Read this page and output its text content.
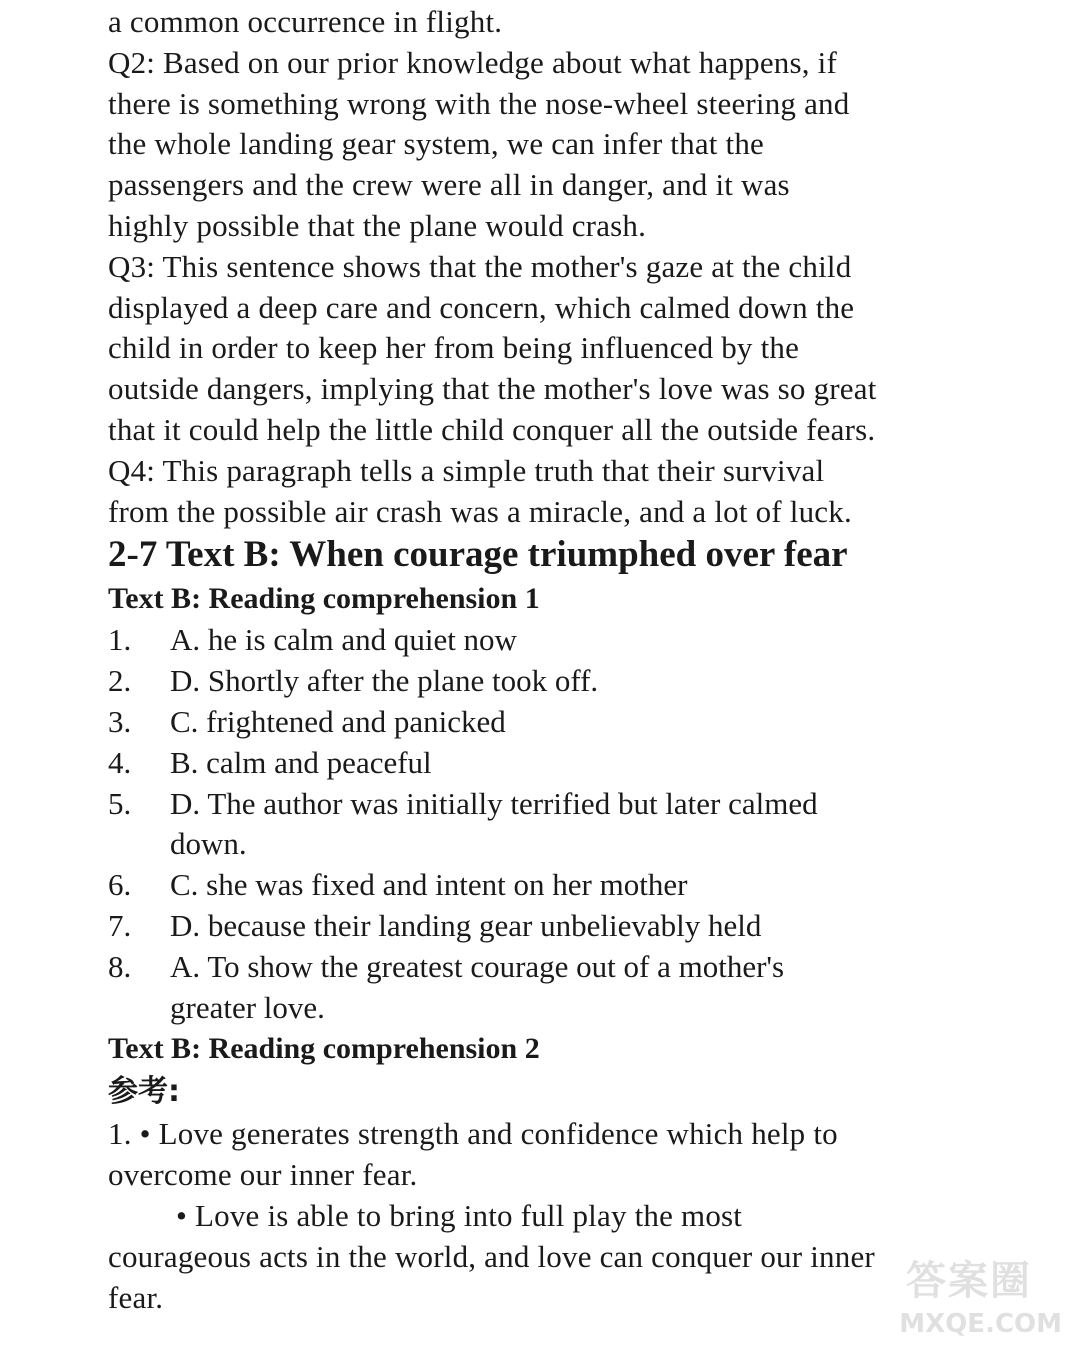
a common occurrence in flight.
Q2: Based on our prior knowledge about what happens, if
there is something wrong with the nose-wheel steering and
the whole landing gear system, we can infer that the
passengers and the crew were all in danger, and it was
highly possible that the plane would crash.
Q3: This sentence shows that the mother's gaze at the child
displayed a deep care and concern, which calmed down the
child in order to keep her from being influenced by the
outside dangers, implying that the mother's love was so great
that it could help the little child conquer all the outside fears.
Q4: This paragraph tells a simple truth that their survival
from the possible air crash was a miracle, and a lot of luck.
2-7 Text B: When courage triumphed over fear
Text B: Reading comprehension 1
1. A. he is calm and quiet now
2. D. Shortly after the plane took off.
3. C. frightened and panicked
4. B. calm and peaceful
5. D. The author was initially terrified but later calmed
down.
6. C. she was fixed and intent on her mother
7. D. because their landing gear unbelievably held
8. A. To show the greatest courage out of a mother's
greater love.
Text B: Reading comprehension 2
参考:
1. • Love generates strength and confidence which help to
overcome our inner fear.
• Love is able to bring into full play the most
courageous acts in the world, and love can conquer our inner
fear.	答案圈
MXQE.COM
